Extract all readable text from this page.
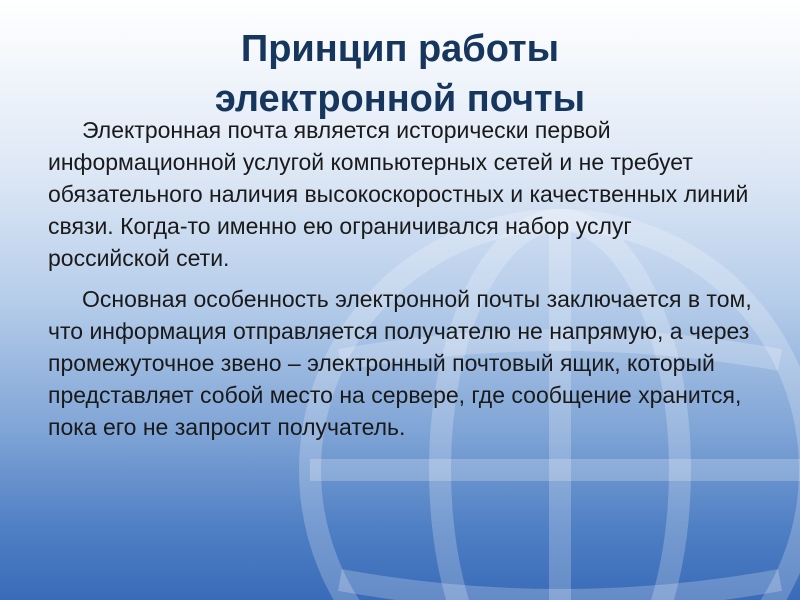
Принцип работы
электронной почты

Электронная почта является исторически первой информационной услугой компьютерных сетей и не требует обязательного наличия высокоскоростных и качественных линий связи. Когда-то именно ею ограничивался набор услуг российской сети.

Основная особенность электронной почты заключается в том, что информация отправляется получателю не напрямую, а через промежуточное звено – электронный почтовый ящик, который представляет собой место на сервере, где сообщение хранится, пока его не запросит получатель.
